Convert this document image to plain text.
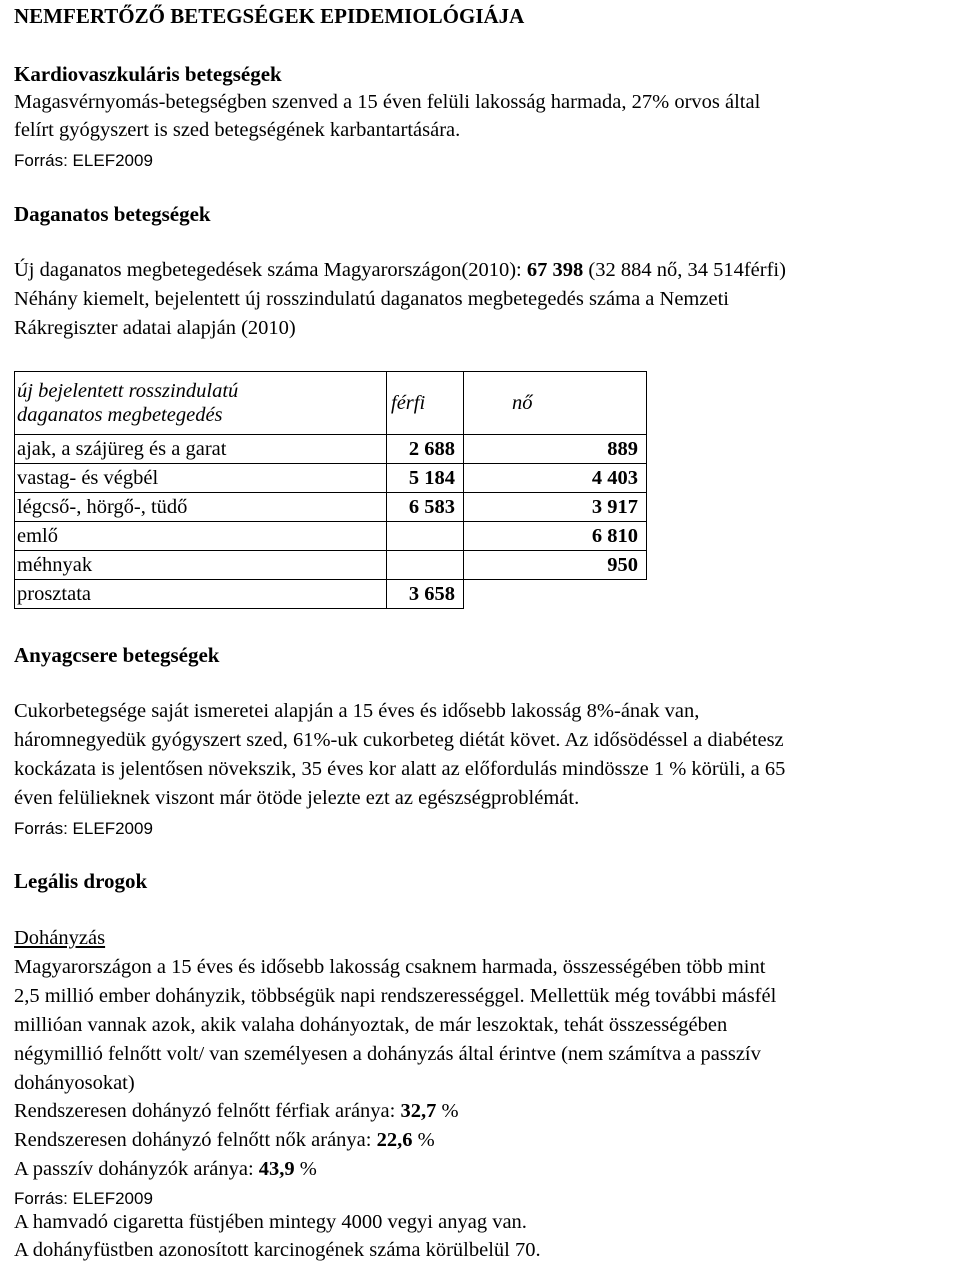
NEMFERTŐZŐ BETEGSÉGEK EPIDEMIOLÓGIÁJA
Kardiovaszkuláris betegségek
Magasvérnyomás-betegségben szenved a 15 éven felüli lakosság harmada, 27% orvos által
felírt gyógyszert is szed betegségének karbantartására.
Forrás: ELEF2009
Daganatos betegségek
Új daganatos megbetegedések száma Magyarországon(2010): 67 398 (32 884 nő, 34 514férfi)
Néhány kiemelt, bejelentett új rosszindulatú daganatos megbetegedés száma a Nemzeti
Rákregiszter adatai alapján (2010)
új bejelentett rosszindulatú
daganatos megbetegedés	férfi	nő
ajak, a szájüreg és a garat	2 688	889
vastag- és végbél	5 184	4 403
légcső-, hörgő-, tüdő	6 583	3 917
emlő		6 810
méhnyak		950
prosztata	3 658	
Anyagcsere betegségek
Cukorbetegsége saját ismeretei alapján a 15 éves és idősebb lakosság 8%-ának van,
háromnegyedük gyógyszert szed, 61%-uk cukorbeteg diétát követ. Az idősödéssel a diabétesz
kockázata is jelentősen növekszik, 35 éves kor alatt az előfordulás mindössze 1 % körüli, a 65
éven felülieknek viszont már ötöde jelezte ezt az egészségproblémát.
Forrás: ELEF2009
Legális drogok
Dohányzás
Magyarországon a 15 éves és idősebb lakosság csaknem harmada, összességében több mint
2,5 millió ember dohányzik, többségük napi rendszerességgel. Mellettük még további másfél
millióan vannak azok, akik valaha dohányoztak, de már leszoktak, tehát összességében
négymillió felnőtt volt/ van személyesen a dohányzás által érintve (nem számítva a passzív
dohányosokat)
Rendszeresen dohányzó felnőtt férfiak aránya: 32,7 %
Rendszeresen dohányzó felnőtt nők aránya: 22,6 %
A passzív dohányzók aránya: 43,9 %
Forrás: ELEF2009
A hamvadó cigaretta füstjében mintegy 4000 vegyi anyag van.
A dohányfüstben azonosított karcinogének száma körülbelül 70.
